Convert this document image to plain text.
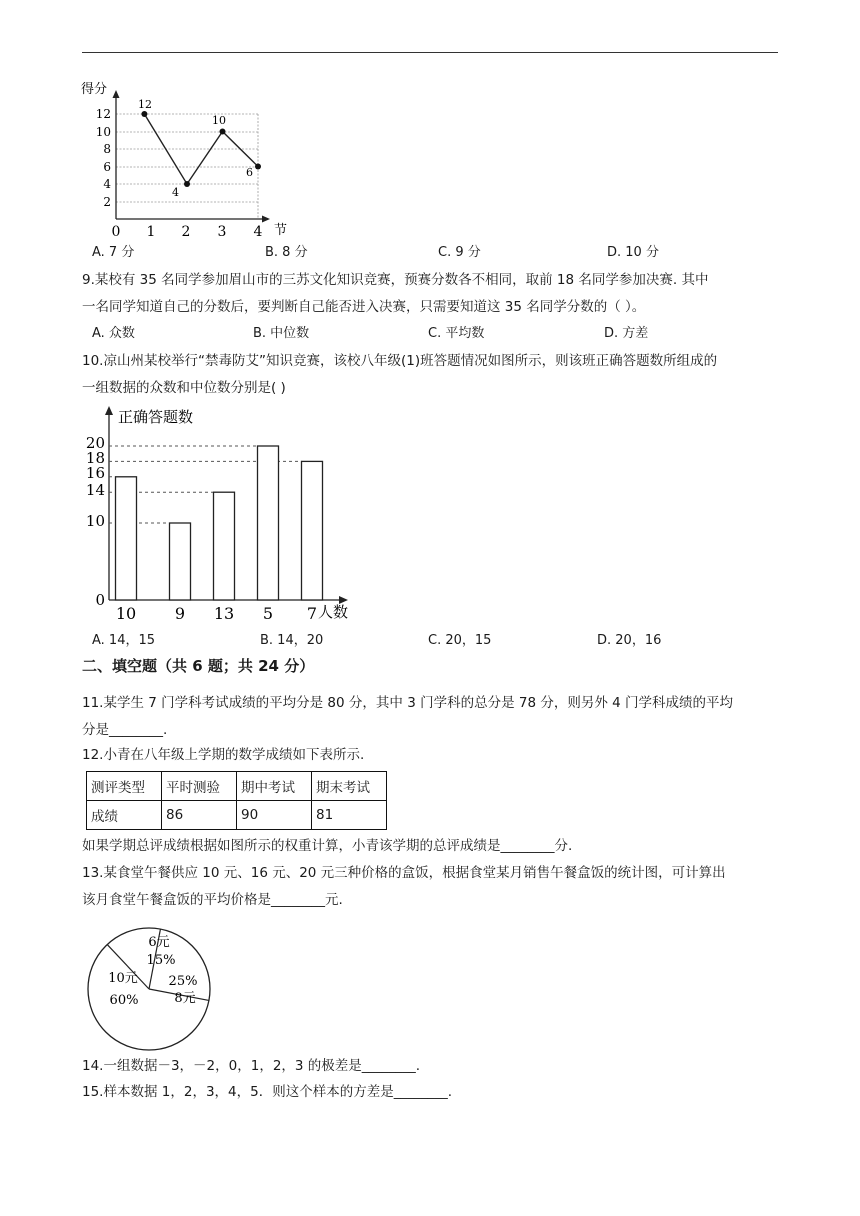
得分
节
2
4
6
8
10
12
0 1 2 3 4
12
4
10
6
A. 7 分	B. 8 分	C. 9 分	D. 10 分
9.某校有 35 名同学参加眉山市的三苏文化知识竞赛，预赛分数各不相同，取前 18 名同学参加决赛. 其中
一名同学知道自己的分数后，要判断自己能否进入决赛，只需要知道这 35 名同学分数的（ ）。
A. 众数	B. 中位数	C. 平均数	D. 方差
10.凉山州某校举行“禁毒防艾”知识竞赛，该校八年级(1)班答题情况如图所示，则该班正确答题数所组成的
一组数据的众数和中位数分别是( )
正确答题数
人数
0
10
14
16
18
20
10 9 13 5 7
A. 14，15	B. 14，20	C. 20，15	D. 20，16
二、填空题（共 6 题；共 24 分）
11.某学生 7 门学科考试成绩的平均分是 80 分，其中 3 门学科的总分是 78 分，则另外 4 门学科成绩的平均
分是________.
12.小青在八年级上学期的数学成绩如下表所示.
测评类型	平时测验	期中考试	期末考试
成绩	86	90	81
如果学期总评成绩根据如图所示的权重计算，小青该学期的总评成绩是________分.
13.某食堂午餐供应 10 元、16 元、20 元三种价格的盒饭，根据食堂某月销售午餐盒饭的统计图，可计算出
该月食堂午餐盒饭的平均价格是________元.
6元
15%
25%
8元
10元
60%
14.一组数据－3，－2，0，1，2，3 的极差是________.
15.样本数据 1，2，3，4，5．则这个样本的方差是________.
